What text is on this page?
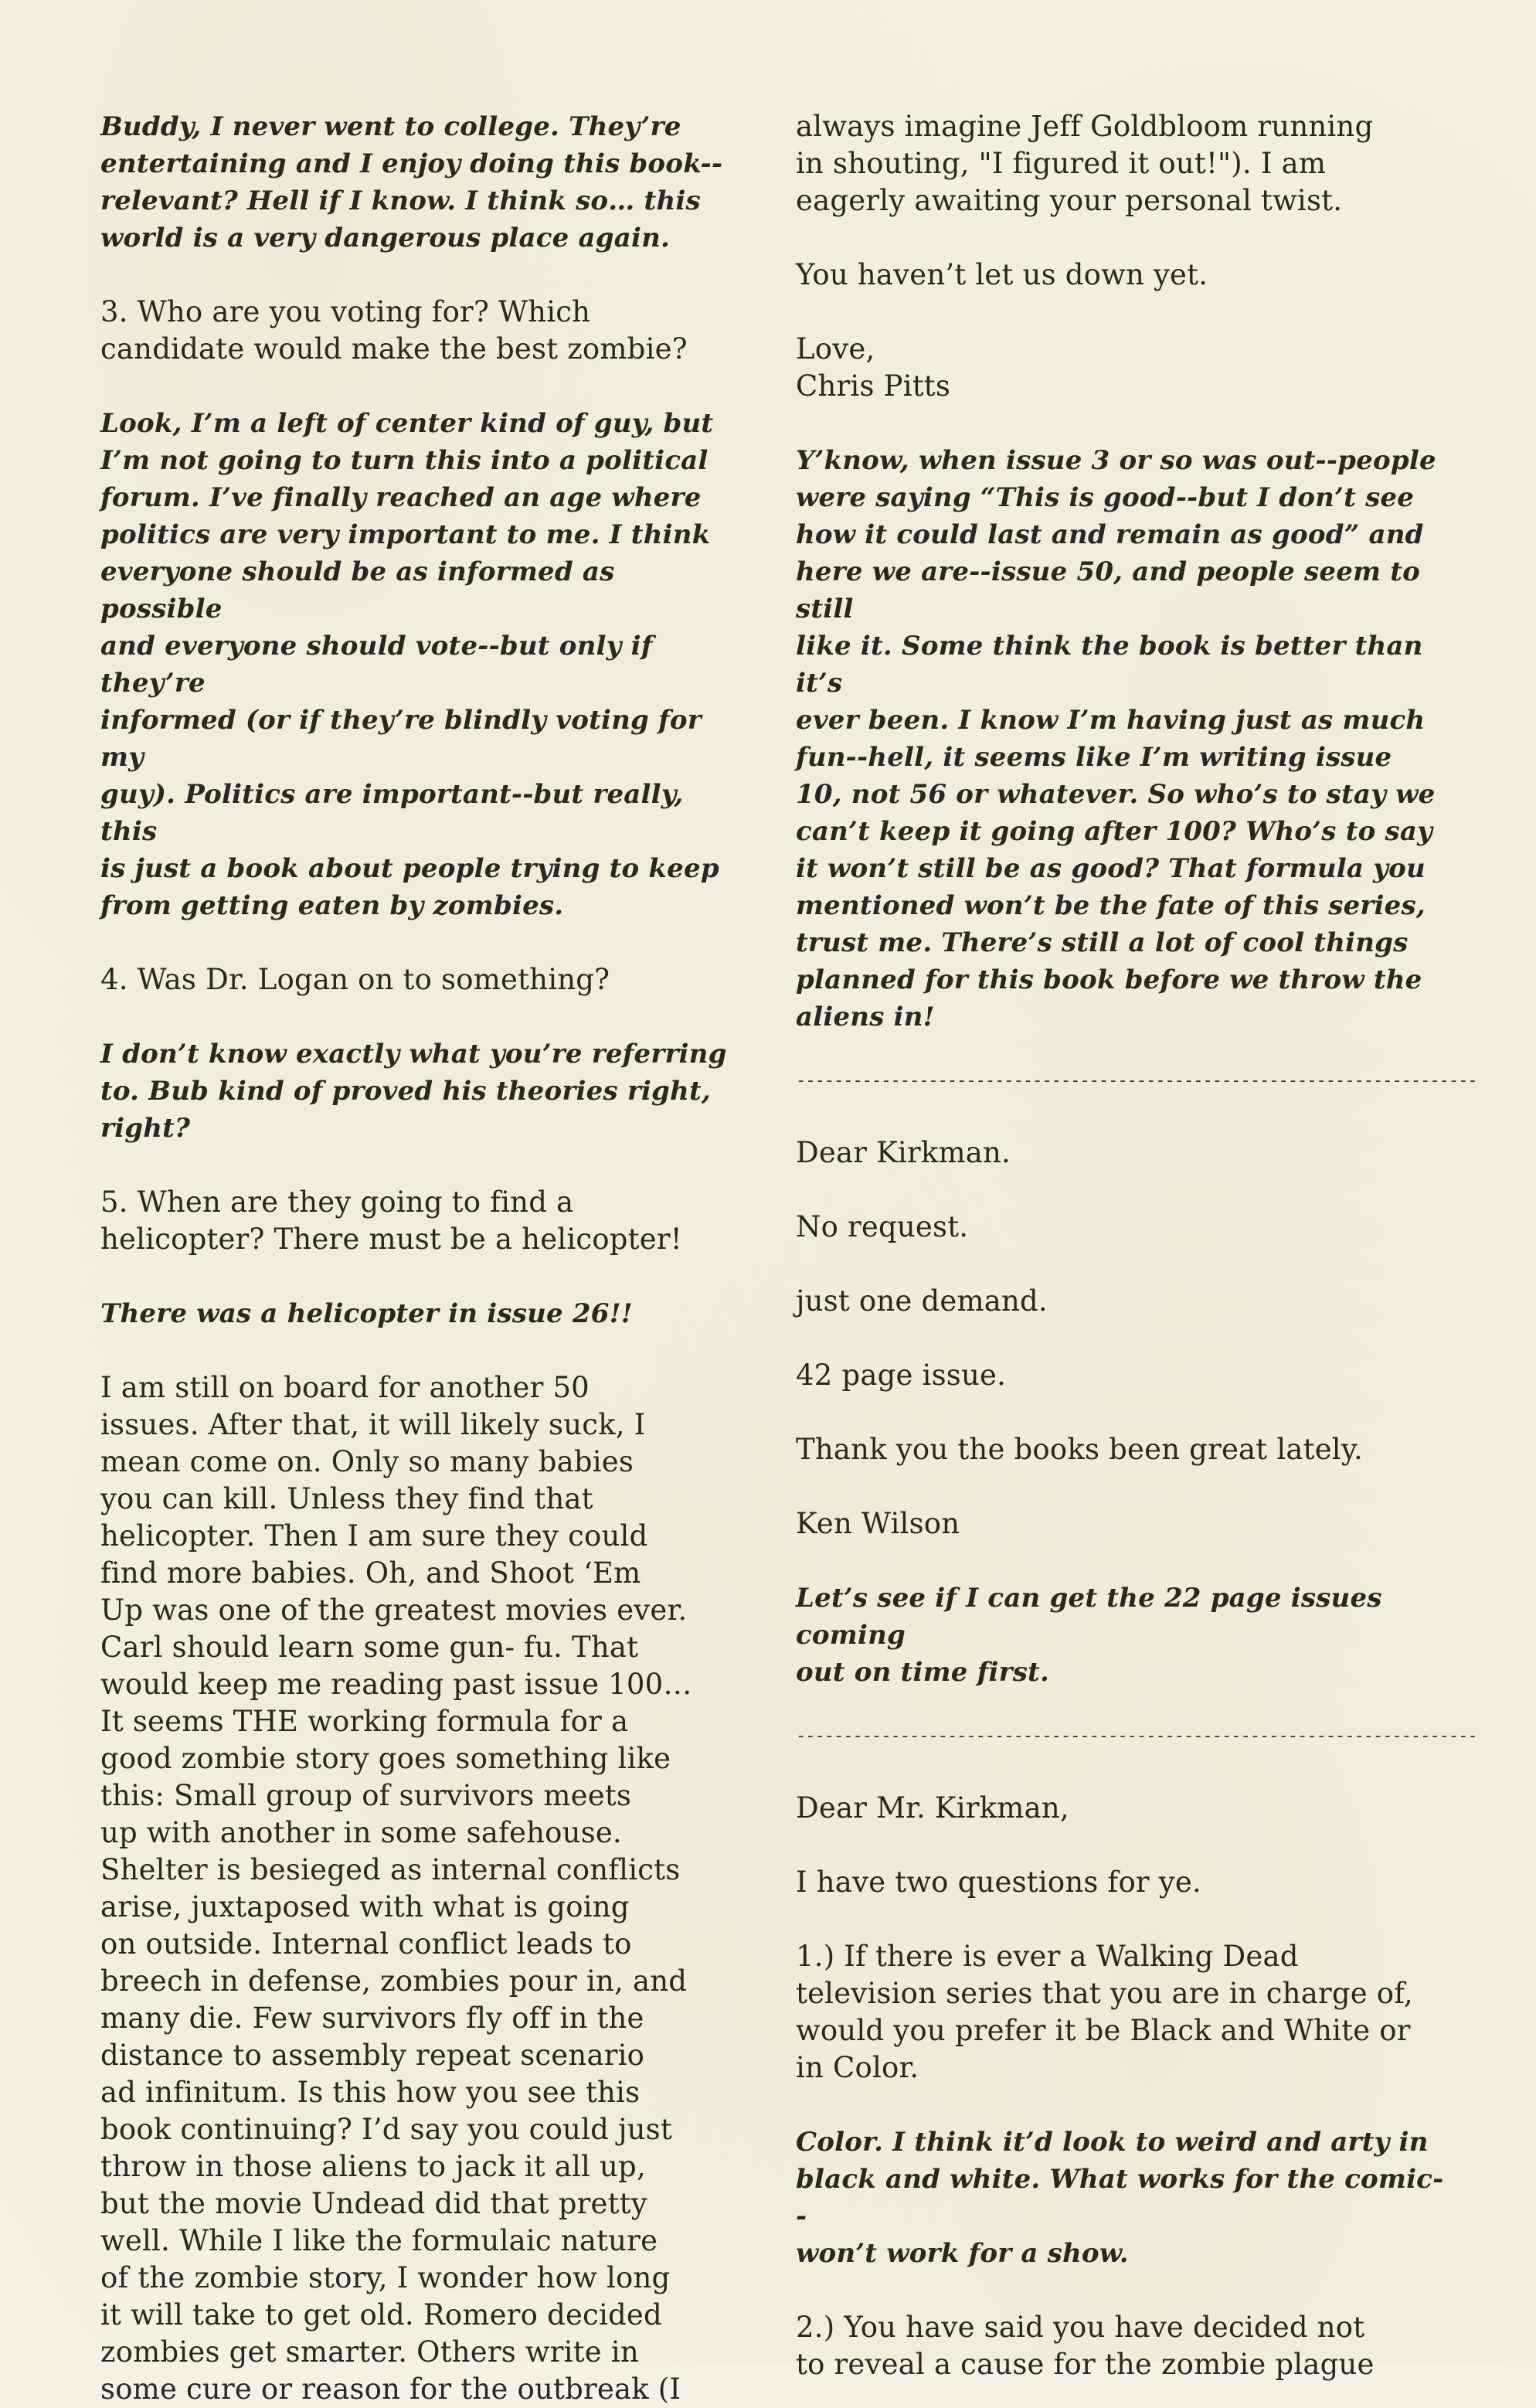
Buddy, I never went to college. They’re
entertaining and I enjoy doing this book--
relevant? Hell if I know. I think so… this
world is a very dangerous place again.

3. Who are you voting for? Which
candidate would make the best zombie?

Look, I’m a left of center kind of guy, but
I’m not going to turn this into a political
forum. I’ve finally reached an age where
politics are very important to me. I think
everyone should be as informed as possible
and everyone should vote--but only if they’re
informed (or if they’re blindly voting for my
guy). Politics are important--but really, this
is just a book about people trying to keep
from getting eaten by zombies.

4. Was Dr. Logan on to something?

I don’t know exactly what you’re referring
to. Bub kind of proved his theories right,
right?

5. When are they going to find a
helicopter? There must be a helicopter!

There was a helicopter in issue 26!!

I am still on board for another 50
issues. After that, it will likely suck, I
mean come on. Only so many babies
you can kill. Unless they find that
helicopter. Then I am sure they could
find more babies. Oh, and Shoot ‘Em
Up was one of the greatest movies ever.
Carl should learn some gun- fu. That
would keep me reading past issue 100…
It seems THE working formula for a
good zombie story goes something like
this: Small group of survivors meets
up with another in some safehouse.
Shelter is besieged as internal conflicts
arise, juxtaposed with what is going
on outside. Internal conflict leads to
breech in defense, zombies pour in, and
many die. Few survivors fly off in the
distance to assembly repeat scenario
ad infinitum. Is this how you see this
book continuing? I’d say you could just
throw in those aliens to jack it all up,
but the movie Undead did that pretty
well. While I like the formulaic nature
of the zombie story, I wonder how long
it will take to get old. Romero decided
zombies get smarter. Others write in
some cure or reason for the outbreak (I

always imagine Jeff Goldbloom running
in shouting, "I figured it out!"). I am
eagerly awaiting your personal twist.

You haven’t let us down yet.

Love,
Chris Pitts

Y’know, when issue 3 or so was out--people
were saying “This is good--but I don’t see
how it could last and remain as good” and
here we are--issue 50, and people seem to still
like it. Some think the book is better than it’s
ever been. I know I’m having just as much
fun--hell, it seems like I’m writing issue
10, not 56 or whatever. So who’s to stay we
can’t keep it going after 100? Who’s to say
it won’t still be as good? That formula you
mentioned won’t be the fate of this series,
trust me. There’s still a lot of cool things
planned for this book before we throw the
aliens in!

------------------------------------------------------------------------

Dear Kirkman.

No request.

just one demand.

42 page issue.

Thank you the books been great lately.

Ken Wilson

Let’s see if I can get the 22 page issues coming
out on time first.

------------------------------------------------------------------------

Dear Mr. Kirkman,

I have two questions for ye.

1.) If there is ever a Walking Dead
television series that you are in charge of,
would you prefer it be Black and White or
in Color.

Color. I think it’d look to weird and arty in
black and white. What works for the comic--
won’t work for a show.

2.) You have said you have decided not
to reveal a cause for the zombie plague
